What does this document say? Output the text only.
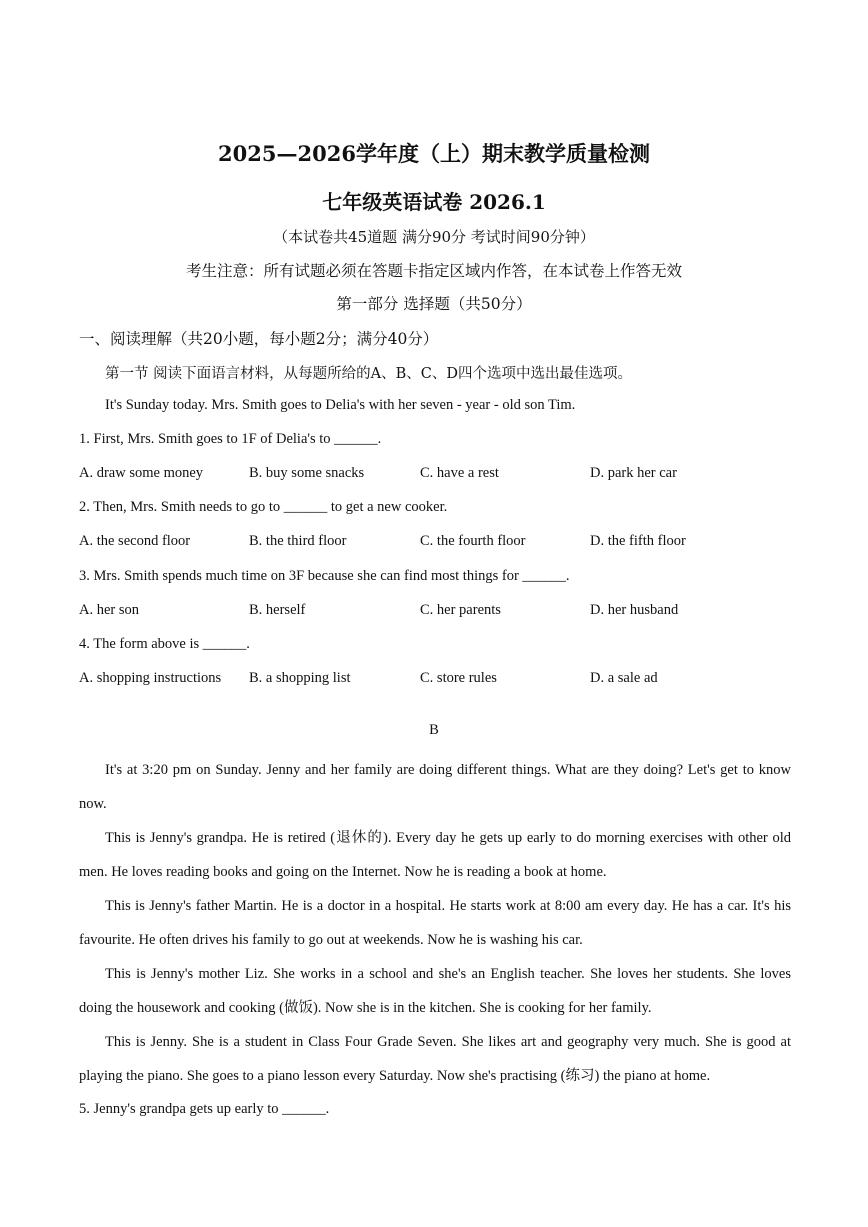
2025—2026学年度（上）期末教学质量检测
七年级英语试卷 2026.1
（本试卷共45道题 满分90分 考试时间90分钟）
考生注意：所有试题必须在答题卡指定区域内作答，在本试卷上作答无效
第一部分 选择题（共50分）
一、阅读理解（共20小题，每小题2分；满分40分）
第一节 阅读下面语言材料，从每题所给的A、B、C、D四个选项中选出最佳选项。
It's Sunday today. Mrs. Smith goes to Delia's with her seven - year - old son Tim.
1. First, Mrs. Smith goes to 1F of Delia's to ______.
A. draw some money	B. buy some snacks	C. have a rest	D. park her car
2. Then, Mrs. Smith needs to go to ______ to get a new cooker.
A. the second floor	B. the third floor	C. the fourth floor	D. the fifth floor
3. Mrs. Smith spends much time on 3F because she can find most things for ______.
A. her son	B. herself	C. her parents	D. her husband
4. The form above is ______.
A. shopping instructions B. a shopping list	C. store rules	D. a sale ad
B
It's at 3:20 pm on Sunday. Jenny and her family are doing different things. What are they doing? Let's get to know now.
This is Jenny's grandpa. He is retired (退休的). Every day he gets up early to do morning exercises with other old men. He loves reading books and going on the Internet. Now he is reading a book at home.
This is Jenny's father Martin. He is a doctor in a hospital. He starts work at 8:00 am every day. He has a car. It's his favourite. He often drives his family to go out at weekends. Now he is washing his car.
This is Jenny's mother Liz. She works in a school and she's an English teacher. She loves her students. She loves doing the housework and cooking (做饭). Now she is in the kitchen. She is cooking for her family.
This is Jenny. She is a student in Class Four Grade Seven. She likes art and geography very much. She is good at playing the piano. She goes to a piano lesson every Saturday. Now she's practising (练习) the piano at home.
5. Jenny's grandpa gets up early to ______.
